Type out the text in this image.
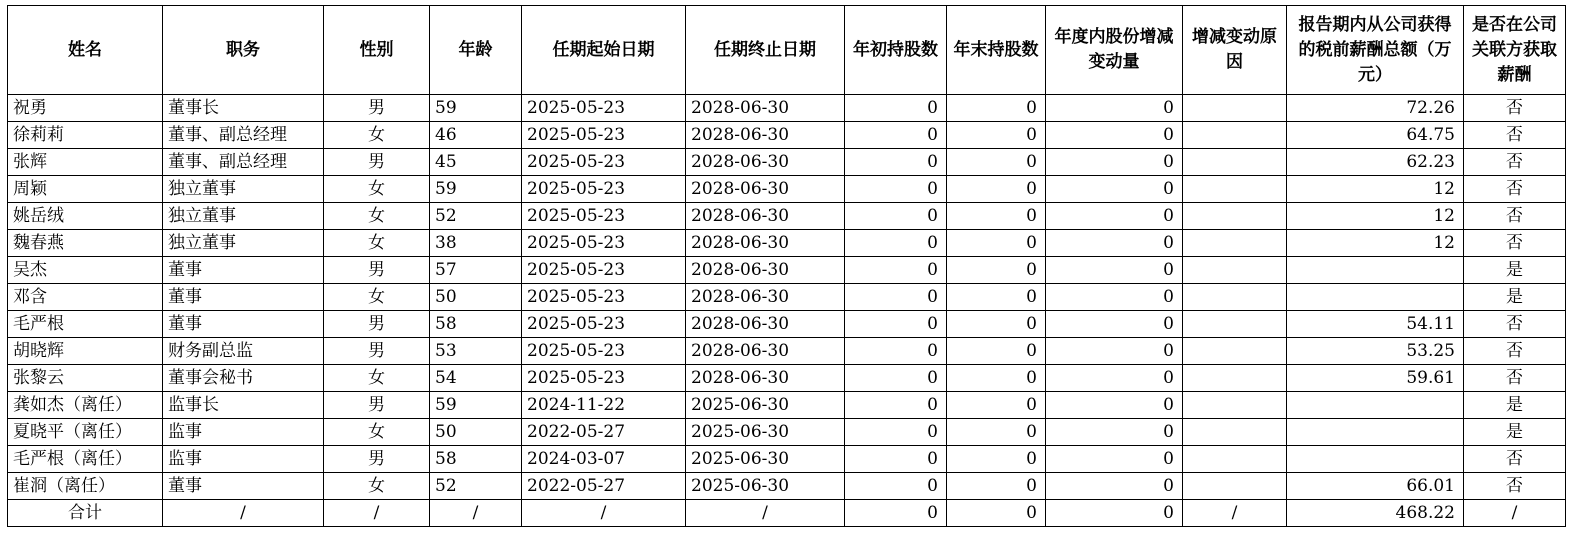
姓名	职务	性别	年龄	任期起始日期	任期终止日期	年初持股数	年末持股数	年度内股份增减变动量	增减变动原因	报告期内从公司获得的税前薪酬总额（万元）	是否在公司关联方获取薪酬
祝勇	董事长	男	59	2025-05-23	2028-06-30	0	0	0		72.26	否
徐莉莉	董事、副总经理	女	46	2025-05-23	2028-06-30	0	0	0		64.75	否
张辉	董事、副总经理	男	45	2025-05-23	2028-06-30	0	0	0		62.23	否
周颖	独立董事	女	59	2025-05-23	2028-06-30	0	0	0		12	否
姚岳绒	独立董事	女	52	2025-05-23	2028-06-30	0	0	0		12	否
魏春燕	独立董事	女	38	2025-05-23	2028-06-30	0	0	0		12	否
吴杰	董事	男	57	2025-05-23	2028-06-30	0	0	0			是
邓含	董事	女	50	2025-05-23	2028-06-30	0	0	0			是
毛严根	董事	男	58	2025-05-23	2028-06-30	0	0	0		54.11	否
胡晓辉	财务副总监	男	53	2025-05-23	2028-06-30	0	0	0		53.25	否
张黎云	董事会秘书	女	54	2025-05-23	2028-06-30	0	0	0		59.61	否
龚如杰（离任）	监事长	男	59	2024-11-22	2025-06-30	0	0	0			是
夏晓平（离任）	监事	女	50	2022-05-27	2025-06-30	0	0	0			是
毛严根（离任）	监事	男	58	2024-03-07	2025-06-30	0	0	0			否
崔浻（离任）	董事	女	52	2022-05-27	2025-06-30	0	0	0		66.01	否
合计	/	/	/	/	/	0	0	0	/	468.22	/
